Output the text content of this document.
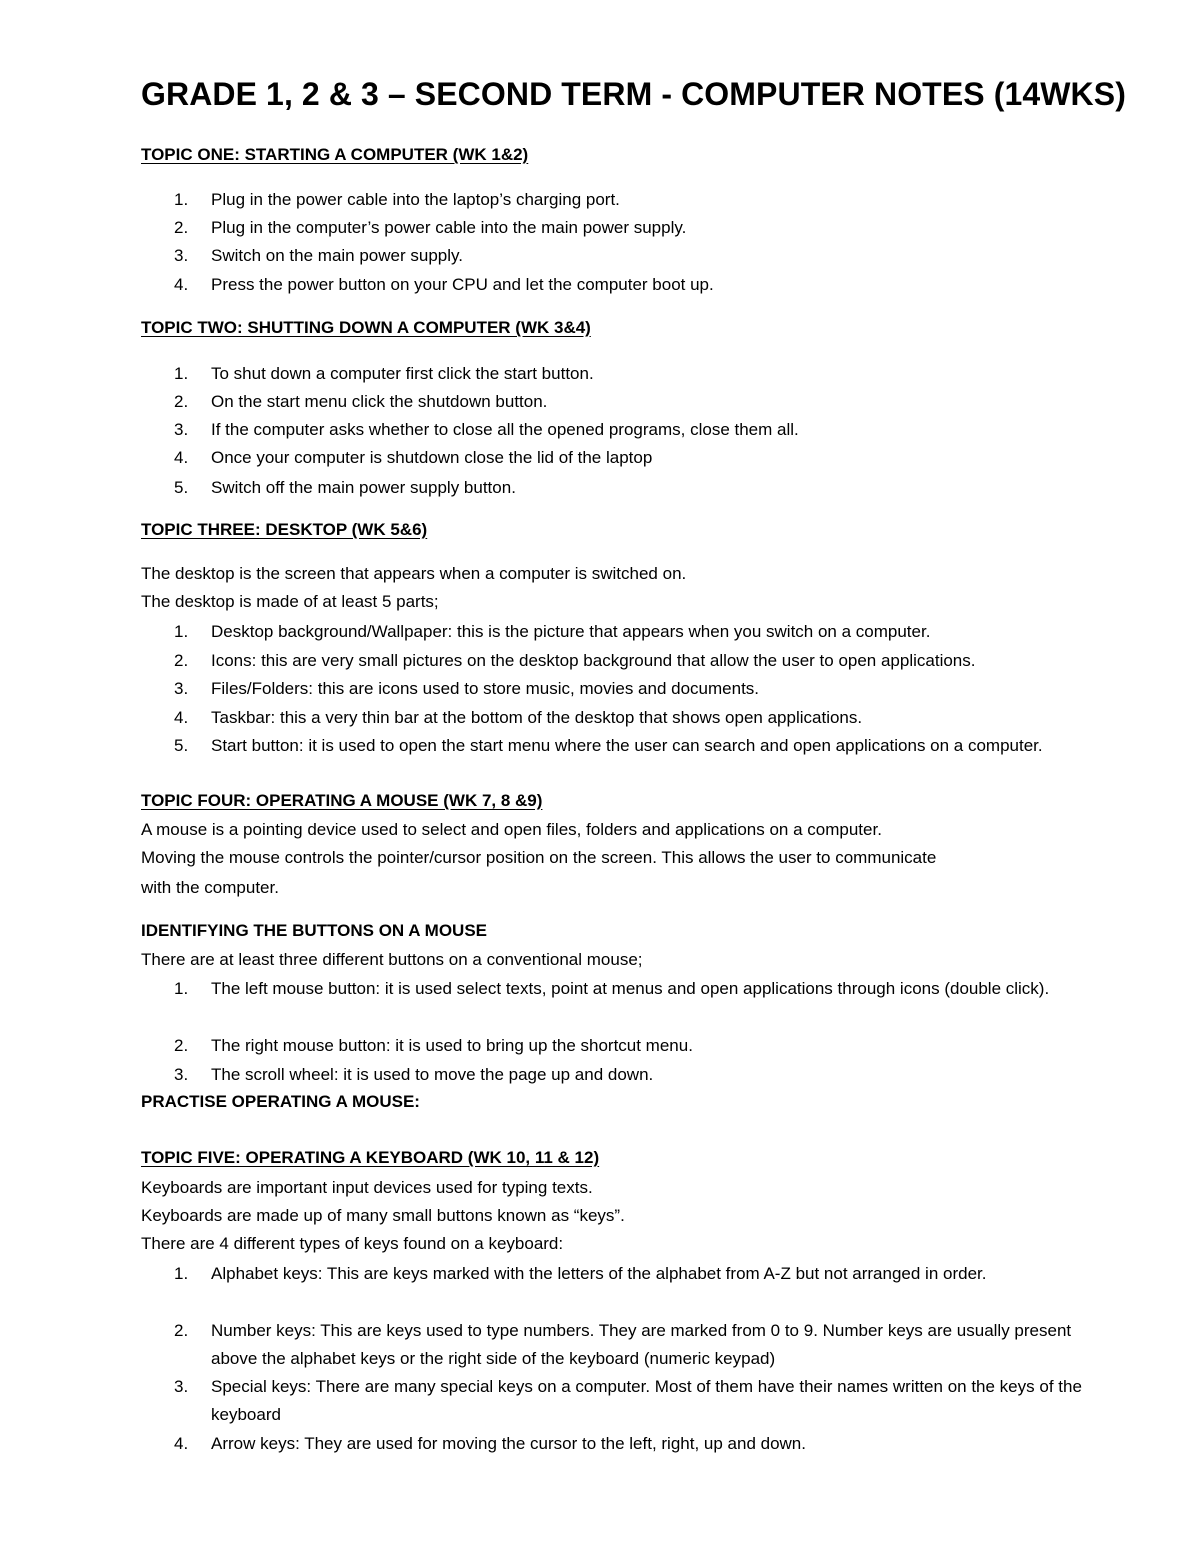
GRADE 1, 2 & 3 – SECOND TERM - COMPUTER NOTES (14WKS)
TOPIC ONE: STARTING A COMPUTER (WK 1&2)
1.	Plug in the power cable into the laptop’s charging port.
2.	Plug in the computer’s power cable into the main power supply.
3.	Switch on the main power supply.
4.	Press the power button on your CPU and let the computer boot up.
TOPIC TWO: SHUTTING DOWN A COMPUTER (WK 3&4)
1.	To shut down a computer first click the start button.
2.	On the start menu click the shutdown button.
3.	If the computer asks whether to close all the opened programs, close them all.
4.	Once your computer is shutdown close the lid of the laptop
5.	Switch off the main power supply button.
TOPIC THREE: DESKTOP (WK 5&6)
The desktop is the screen that appears when a computer is switched on.
The desktop is made of at least 5 parts;
1.	Desktop background/Wallpaper: this is the picture that appears when you switch on a computer.
2.	Icons: this are very small pictures on the desktop background that allow the user to open applications.
3.	Files/Folders: this are icons used to store music, movies and documents.
4.	Taskbar: this a very thin bar at the bottom of the desktop that shows open applications.
5.	Start button: it is used to open the start menu where the user can search and open applications on a computer.
TOPIC FOUR: OPERATING A MOUSE (WK 7, 8 &9)
A mouse is a pointing device used to select and open files, folders and applications on a computer.
Moving the mouse controls the pointer/cursor position on the screen. This allows the user to communicate
with the computer.
IDENTIFYING THE BUTTONS ON A MOUSE
There are at least three different buttons on a conventional mouse;
1.	The left mouse button: it is used select texts, point at menus and open applications through icons (double click).
2.	The right mouse button: it is used to bring up the shortcut menu.
3.	The scroll wheel: it is used to move the page up and down.
PRACTISE OPERATING A MOUSE:
TOPIC FIVE: OPERATING A KEYBOARD (WK 10, 11 & 12)
Keyboards are important input devices used for typing texts.
Keyboards are made up of many small buttons known as “keys”.
There are 4 different types of keys found on a keyboard:
1.	Alphabet keys: This are keys marked with the letters of the alphabet from A-Z but not arranged in order.
2.	Number keys: This are keys used to type numbers. They are marked from 0 to 9. Number keys are usually present above the alphabet keys or the right side of the keyboard (numeric keypad)
3.	Special keys: There are many special keys on a computer. Most of them have their names written on the keys of the keyboard
4.	Arrow keys: They are used for moving the cursor to the left, right, up and down.
